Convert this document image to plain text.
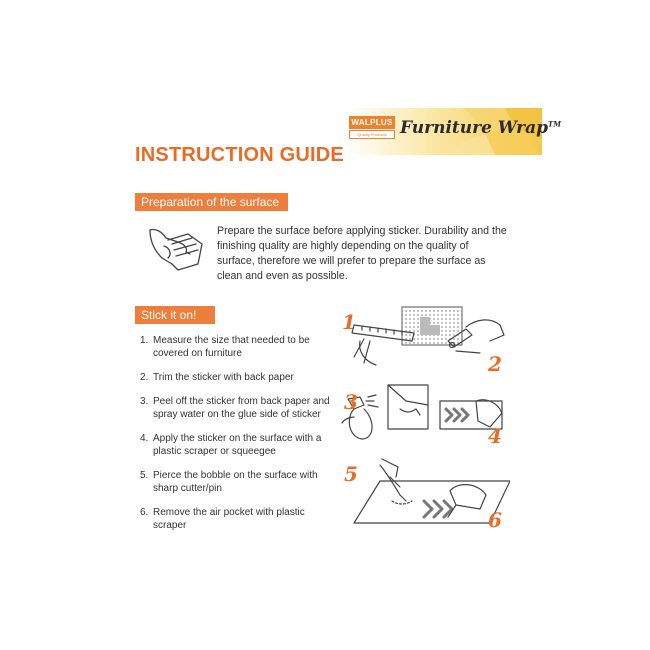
WALPLUS
Quality Products Furniture Wrap™
INSTRUCTION GUIDE
Preparation of the surface

Prepare the surface before applying sticker. Durability and the finishing quality are highly depending on the quality of surface, therefore we will prefer to prepare the surface as clean and even as possible.

Stick it on!
1. Measure the size that needed to be covered on furniture
2. Trim the sticker with back paper
3. Peel off the sticker from back paper and spray water on the glue side of sticker
4. Apply the sticker on the surface with a plastic scraper or squeegee
5. Pierce the bobble on the surface with sharp cutter/pin
6. Remove the air pocket with plastic scraper
1
2
3
4
5
6
